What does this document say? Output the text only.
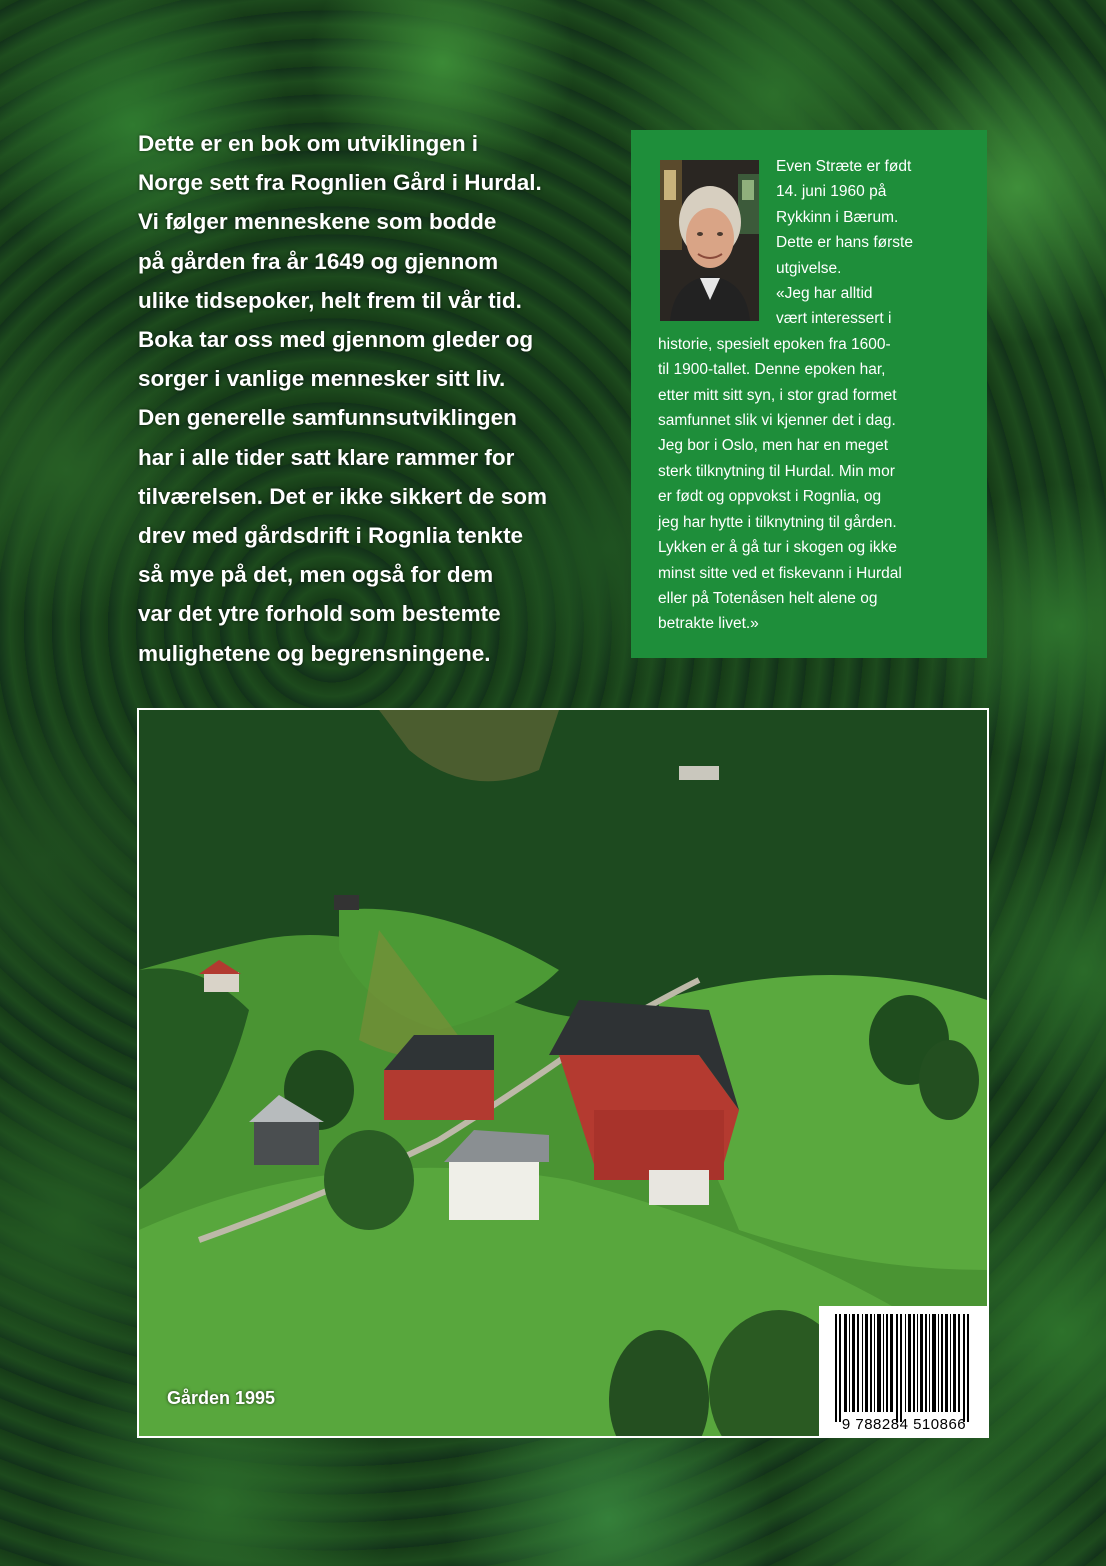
Dette er en bok om utviklingen i
Norge sett fra Rognlien Gård i Hurdal.
Vi følger menneskene som bodde
på gården fra år 1649 og gjennom
ulike tidsepoker, helt frem til vår tid.
Boka tar oss med gjennom gleder og
sorger i vanlige mennesker sitt liv.
Den generelle samfunnsutviklingen
har i alle tider satt klare rammer for
tilværelsen. Det er ikke sikkert de som
drev med gårdsdrift i Rognlia tenkte
så mye på det, men også for dem
var det ytre forhold som bestemte
mulighetene og begrensningene.
Even Stræte er født
14. juni 1960 på
Rykkinn i Bærum.
Dette er hans første
utgivelse.
«Jeg har alltid
vært interessert i
historie, spesielt epoken fra 1600-
til 1900-tallet. Denne epoken har,
etter mitt sitt syn, i stor grad formet
samfunnet slik vi kjenner det i dag.
Jeg bor i Oslo, men har en meget
sterk tilknytning til Hurdal. Min mor
er født og oppvokst i Rognlia, og
jeg har hytte i tilknytning til gården.
Lykken er å gå tur i skogen og ikke
minst sitte ved et fiskevann i Hurdal
eller på Totenåsen helt alene og
betrakte livet.»
Gården 1995
9 788284 510866
